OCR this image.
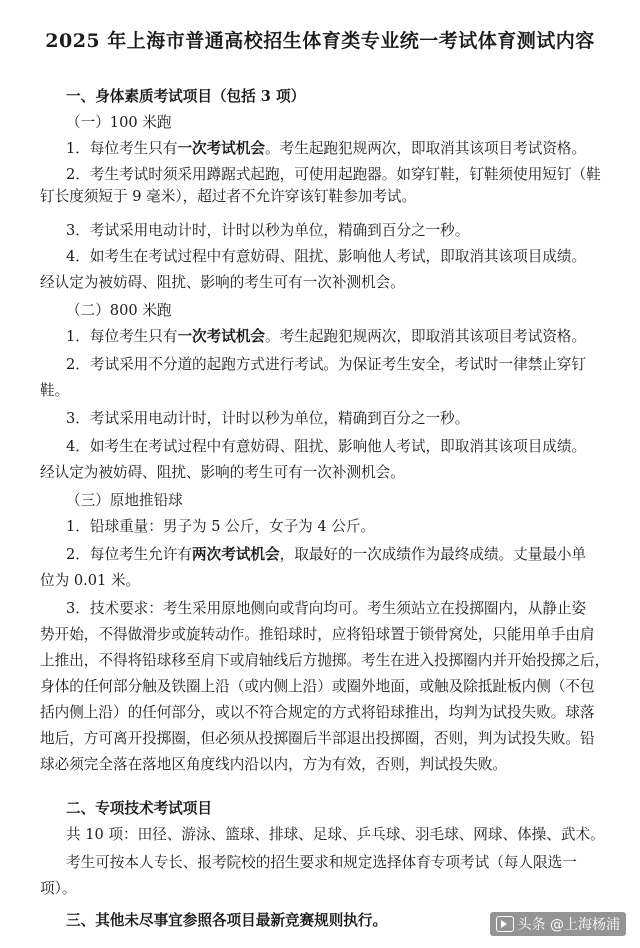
2025 年上海市普通高校招生体育类专业统一考试体育测试内容
一、身体素质考试项目（包括 3 项）
（一）100 米跑
1．每位考生只有一次考试机会。考生起跑犯规两次，即取消其该项目考试资格。
2．考生考试时须采用蹲踞式起跑，可使用起跑器。如穿钉鞋，钉鞋须使用短钉（鞋
钉长度须短于 9 毫米），超过者不允许穿该钉鞋参加考试。
3．考试采用电动计时，计时以秒为单位，精确到百分之一秒。
4．如考生在考试过程中有意妨碍、阻扰、影响他人考试，即取消其该项目成绩。
经认定为被妨碍、阻扰、影响的考生可有一次补测机会。
（二）800 米跑
1．每位考生只有一次考试机会。考生起跑犯规两次，即取消其该项目考试资格。
2．考试采用不分道的起跑方式进行考试。为保证考生安全，考试时一律禁止穿钉
鞋。
3．考试采用电动计时，计时以秒为单位，精确到百分之一秒。
4．如考生在考试过程中有意妨碍、阻扰、影响他人考试，即取消其该项目成绩。
经认定为被妨碍、阻扰、影响的考生可有一次补测机会。
（三）原地推铅球
1．铅球重量：男子为 5 公斤，女子为 4 公斤。
2．每位考生允许有两次考试机会，取最好的一次成绩作为最终成绩。丈量最小单
位为 0.01 米。
3．技术要求：考生采用原地侧向或背向均可。考生须站立在投掷圈内，从静止姿
势开始，不得做滑步或旋转动作。推铅球时，应将铅球置于锁骨窝处，只能用单手由肩
上推出，不得将铅球移至肩下或肩轴线后方抛掷。考生在进入投掷圈内并开始投掷之后，
身体的任何部分触及铁圈上沿（或内侧上沿）或圈外地面，或触及除抵趾板内侧（不包
括内侧上沿）的任何部分，或以不符合规定的方式将铅球推出，均判为试投失败。球落
地后，方可离开投掷圈，但必须从投掷圈后半部退出投掷圈，否则，判为试投失败。铅
球必须完全落在落地区角度线内沿以内，方为有效，否则，判试投失败。
二、专项技术考试项目
共 10 项：田径、游泳、篮球、排球、足球、乒乓球、羽毛球、网球、体操、武术。
考生可按本人专长、报考院校的招生要求和规定选择体育专项考试（每人限选一
项）。
三、其他未尽事宜参照各项目最新竞赛规则执行。	头条 @上海杨浦
